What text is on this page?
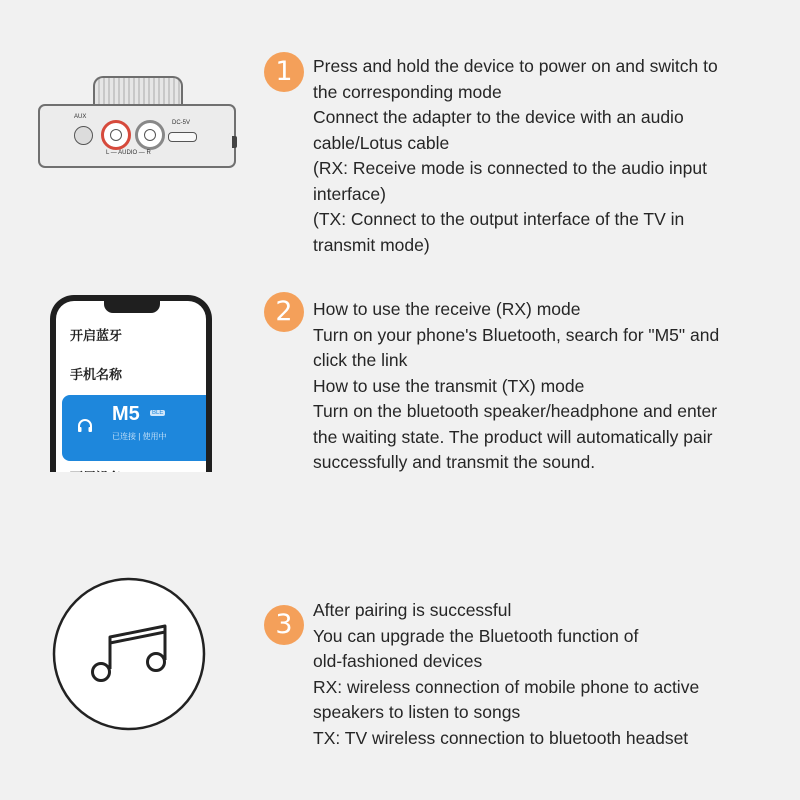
AUX
L — AUDIO — R
DC-5V
1	Press and hold the device to power on and switch to
the corresponding mode
Connect the adapter to the device with an audio
cable/Lotus cable
(RX: Receive mode is connected to the audio input
interface)
(TX: Connect to the output interface of the TV in
transmit mode)
开启蓝牙
手机名称
M5	BLE
已连接 | 使用中
2	How to use the receive (RX) mode
Turn on your phone's Bluetooth, search for "M5" and
click the link
How to use the transmit (TX) mode
Turn on the bluetooth speaker/headphone and enter
the waiting state. The product will automatically pair
successfully and transmit the sound.
3	After pairing is successful
You can upgrade the Bluetooth function of
old-fashioned devices
RX: wireless connection of mobile phone to active
speakers to listen to songs
TX: TV wireless connection to bluetooth headset
